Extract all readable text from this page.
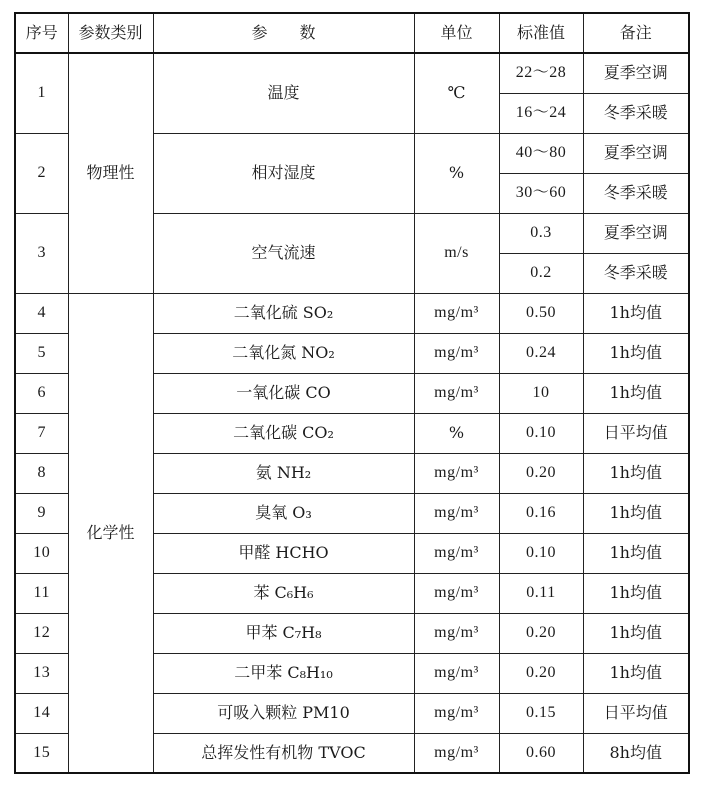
序号	参数类别	参　　数	单位	标准值	备注
1	物理性	温度	℃	22～28	夏季空调
				16～24	冬季采暖
2		相对湿度	%	40～80	夏季空调
				30～60	冬季采暖
3		空气流速	m/s	0.3	夏季空调
				0.2	冬季采暖
4	化学性	二氧化硫 SO₂	mg/m³	0.50	1h均值
5		二氧化氮 NO₂	mg/m³	0.24	1h均值
6		一氧化碳 CO	mg/m³	10	1h均值
7		二氧化碳 CO₂	%	0.10	日平均值
8		氨 NH₂	mg/m³	0.20	1h均值
9		臭氧 O₃	mg/m³	0.16	1h均值
10		甲醛 HCHO	mg/m³	0.10	1h均值
11		苯 C₆H₆	mg/m³	0.11	1h均值
12		甲苯 C₇H₈	mg/m³	0.20	1h均值
13		二甲苯 C₈H₁₀	mg/m³	0.20	1h均值
14		可吸入颗粒 PM10	mg/m³	0.15	日平均值
15		总挥发性有机物 TVOC	mg/m³	0.60	8h均值
